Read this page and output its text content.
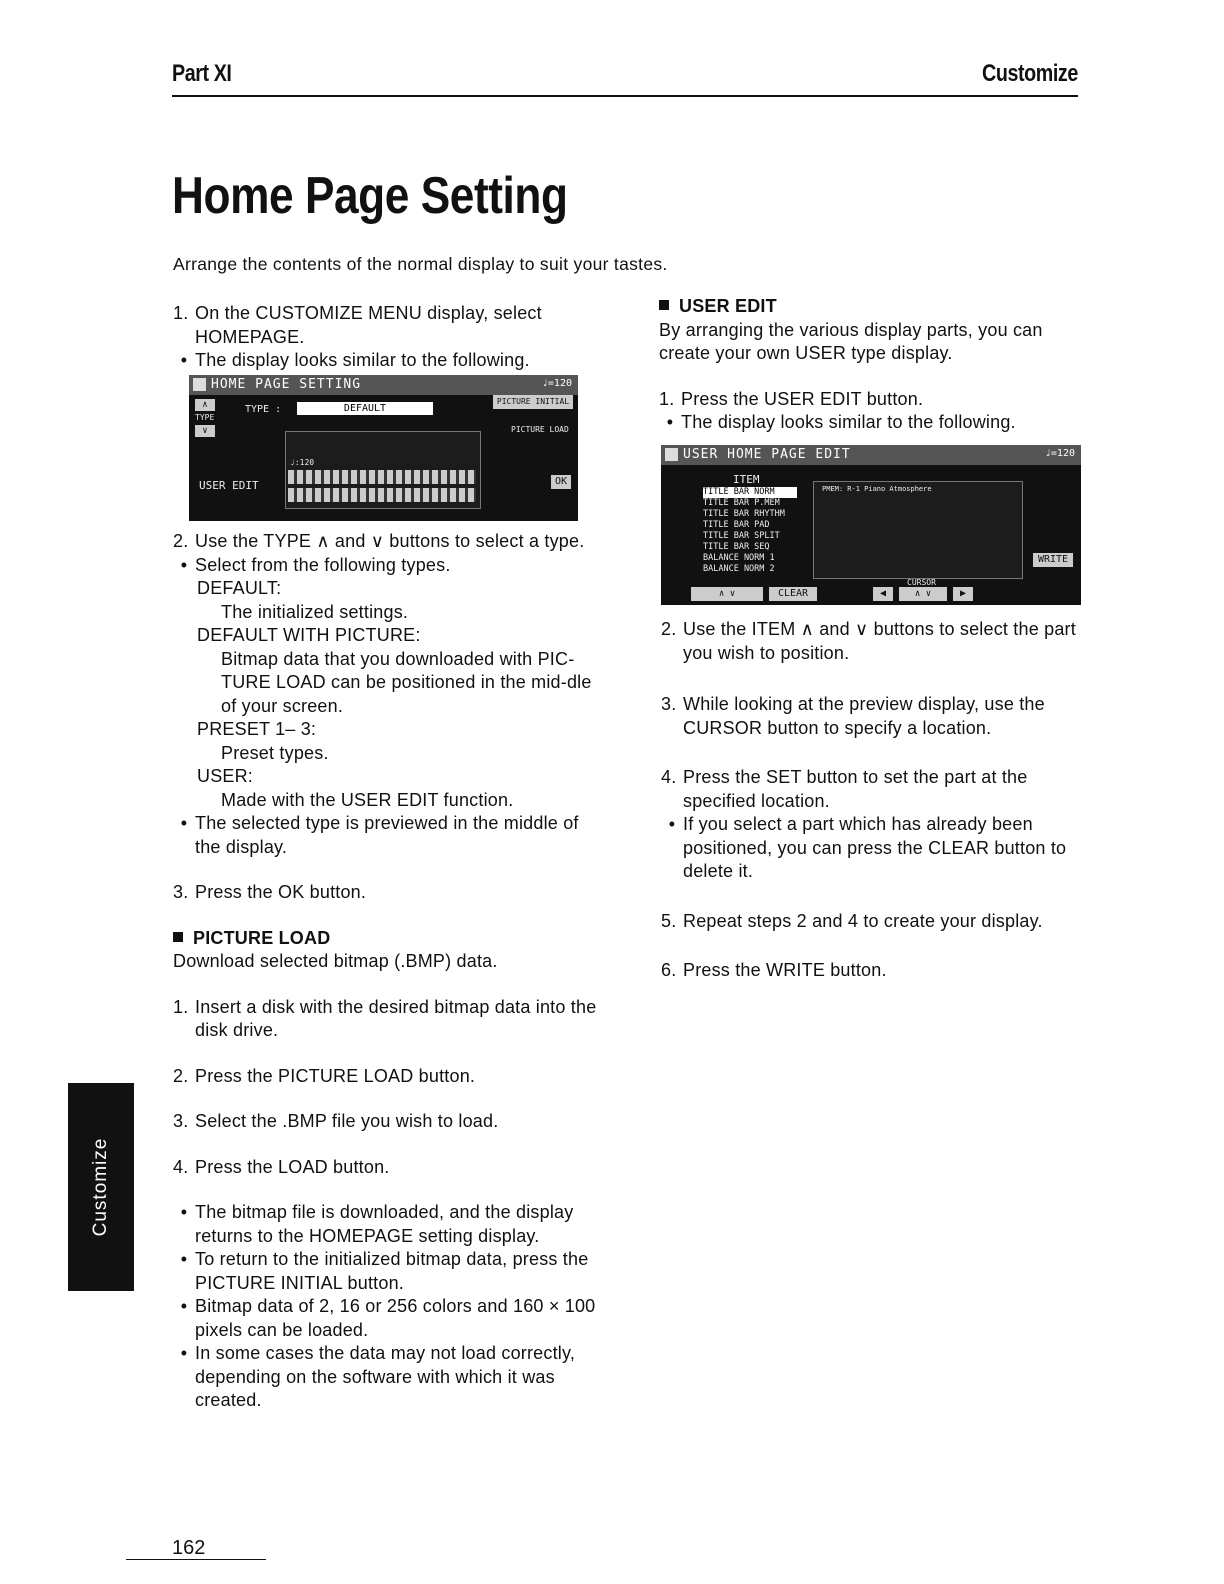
Part XI	Customize
Home Page Setting
Arrange the contents of the normal display to suit your tastes.
1. On the CUSTOMIZE MENU display, select HOMEPAGE.

• The display looks similar to the following.

HOME PAGE SETTING	♩=120
∧
TYPE
∨
TYPE :	DEFAULT
PICTURE INITIAL
PICTURE LOAD
♩:120
USER EDIT	OK
2. Use the TYPE ∧ and ∨ buttons to select a type.

• Select from the following types.

DEFAULT:

The initialized settings.

DEFAULT WITH PICTURE:

Bitmap data that you downloaded with PIC-TURE LOAD can be positioned in the mid-dle of your screen.

PRESET 1– 3:

Preset types.

USER:

Made with the USER EDIT function.

• The selected type is previewed in the middle of the display.

3. Press the OK button.

PICTURE LOAD

Download selected bitmap (.BMP) data.

1. Insert a disk with the desired bitmap data into the disk drive.

2. Press the PICTURE LOAD button.

3. Select the .BMP file you wish to load.

4. Press the LOAD button.

• The bitmap file is downloaded, and the display returns to the HOMEPAGE setting display.

• To return to the initialized bitmap data, press the PICTURE INITIAL button.

• Bitmap data of 2, 16 or 256 colors and 160 × 100 pixels can be loaded.

• In some cases the data may not load correctly, depending on the software with which it was created.

USER EDIT

By arranging the various display parts, you can create your own USER type display.

1. Press the USER EDIT button.

• The display looks similar to the following.

USER HOME PAGE EDIT	♩=120
ITEM
TITLE BAR NORM
TITLE BAR P.MEM
TITLE BAR RHYTHM
TITLE BAR PAD
TITLE BAR SPLIT
TITLE BAR SEQ
BALANCE NORM 1
BALANCE NORM 2
PMEM: R-1 Piano Atmosphere
CURSOR
WRITE
∧ ∨	CLEAR	◀	∧ ∨	▶
2. Use the ITEM ∧ and ∨ buttons to select the part you wish to position.

3. While looking at the preview display, use the CURSOR button to specify a location.

4. Press the SET button to set the part at the specified location.

• If you select a part which has already been positioned, you can press the CLEAR button to delete it.

5. Repeat steps 2 and 4 to create your display.

6. Press the WRITE button.

Customize
162
